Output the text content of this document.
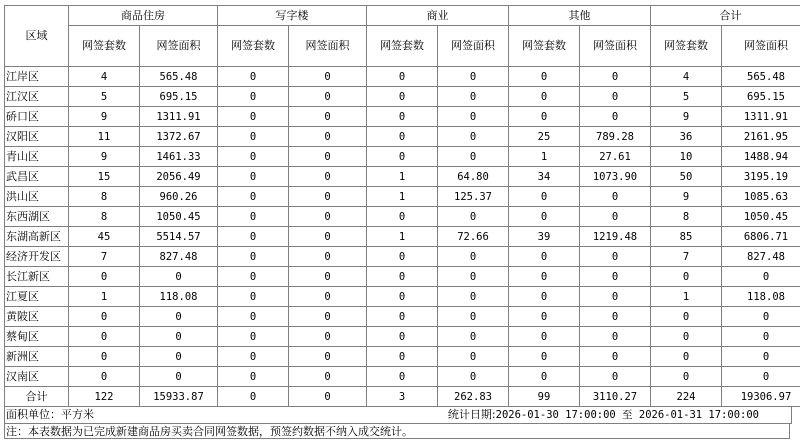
区域	商品住房		写字楼		商业		其他		合计	
	网签套数	网签面积	网签套数	网签面积	网签套数	网签面积	网签套数	网签面积	网签套数	网签面积
江岸区	4	565.48	0	0	0	0	0	0	4	565.48
江汉区	5	695.15	0	0	0	0	0	0	5	695.15
硚口区	9	1311.91	0	0	0	0	0	0	9	1311.91
汉阳区	11	1372.67	0	0	0	0	25	789.28	36	2161.95
青山区	9	1461.33	0	0	0	0	1	27.61	10	1488.94
武昌区	15	2056.49	0	0	1	64.80	34	1073.90	50	3195.19
洪山区	8	960.26	0	0	1	125.37	0	0	9	1085.63
东西湖区	8	1050.45	0	0	0	0	0	0	8	1050.45
东湖高新区	45	5514.57	0	0	1	72.66	39	1219.48	85	6806.71
经济开发区	7	827.48	0	0	0	0	0	0	7	827.48
长江新区	0	0	0	0	0	0	0	0	0	0
江夏区	1	118.08	0	0	0	0	0	0	1	118.08
黄陂区	0	0	0	0	0	0	0	0	0	0
蔡甸区	0	0	0	0	0	0	0	0	0	0
新洲区	0	0	0	0	0	0	0	0	0	0
汉南区	0	0	0	0	0	0	0	0	0	0
合计	122	15933.87	0	0	3	262.83	99	3110.27	224	19306.97
面积单位：平方米	统计日期:2026-01-30 17:00:00 至 2026-01-31 17:00:00
注：本表数据为已完成新建商品房买卖合同网签数据，预签约数据不纳入成交统计。
